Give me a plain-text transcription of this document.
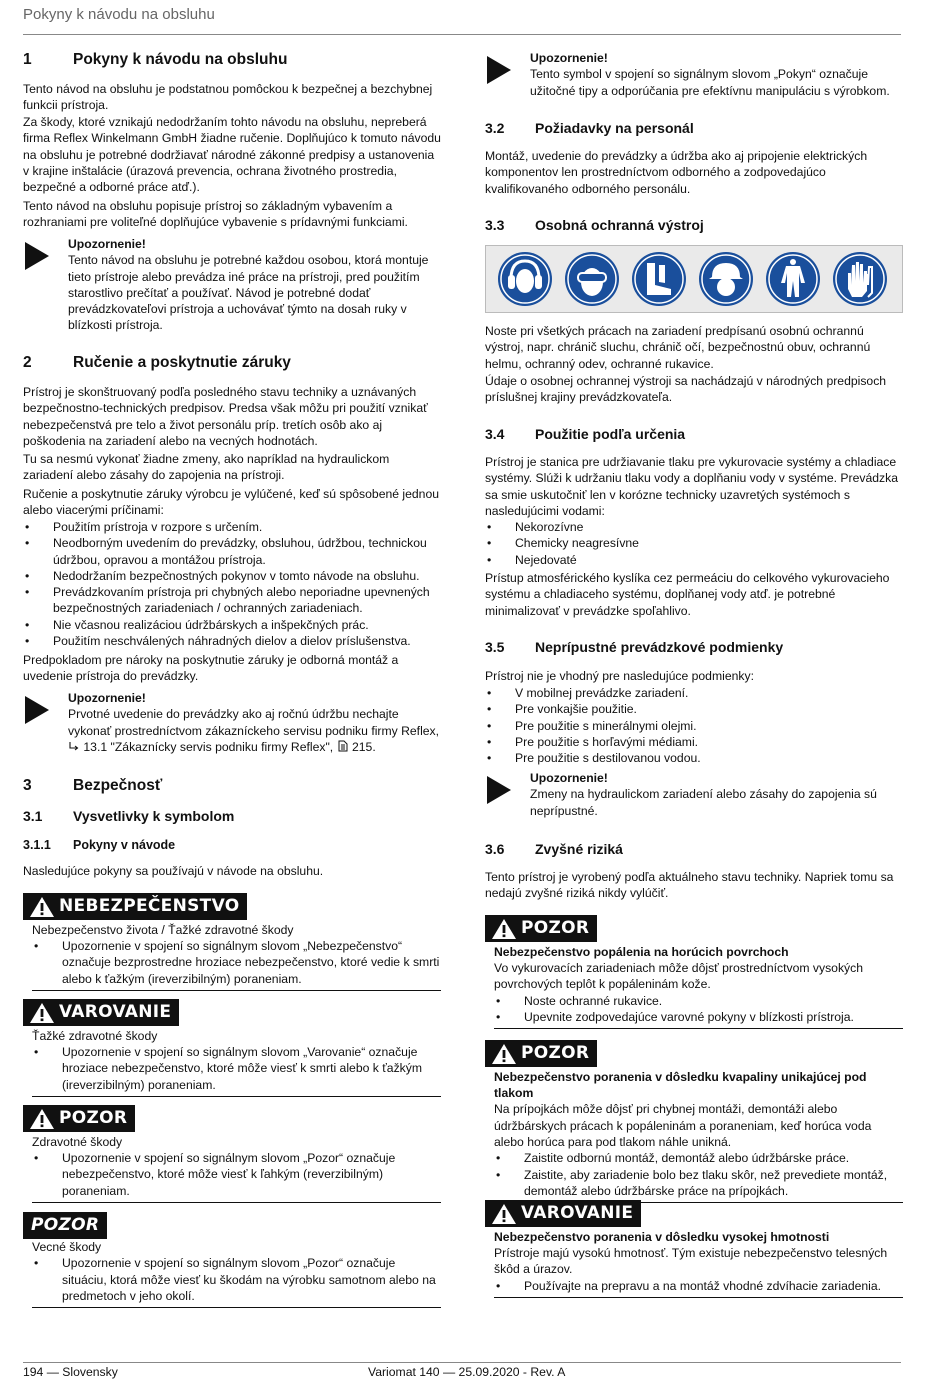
Pokyny k návodu na obsluhu
1	Pokyny k návodu na obsluhu

Tento návod na obsluhu je podstatnou pomôckou k bezpečnej a bezchybnej funkcii prístroja.

Za škody, ktoré vznikajú nedodržaním tohto návodu na obsluhu, nepreberá firma Reflex Winkelmann GmbH žiadne ručenie. Doplňujúco k tomuto návodu na obsluhu je potrebné dodržiavať národné zákonné predpisy a ustanovenia v krajine inštalácie (úrazová prevencia, ochrana životného prostredia, bezpečné a odborné práce atď.).

Tento návod na obsluhu popisuje prístroj so základným vybavením a rozhraniami pre voliteľné doplňujúce vybavenie s prídavnými funkciami.

Upozornenie!
Tento návod na obsluhu je potrebné každou osobou, ktorá montuje tieto prístroje alebo prevádza iné práce na prístroji, pred použitím starostlivo prečítať a používať. Návod je potrebné dodať prevádzkovateľovi prístroja a uchovávať týmto na dosah ruky v blízkosti prístroja.
2	Ručenie a poskytnutie záruky

Prístroj je skonštruovaný podľa posledného stavu techniky a uznávaných bezpečnostno-technických predpisov. Predsa však môžu pri použití vznikať nebezpečenstvá pre telo a život personálu príp. tretích osôb ako aj poškodenia na zariadení alebo na vecných hodnotách.

Tu sa nesmú vykonať žiadne zmeny, ako napríklad na hydraulickom zariadení alebo zásahy do zapojenia na prístroji.

Ručenie a poskytnutie záruky výrobcu je vylúčené, keď sú spôsobené jednou alebo viacerými príčinami:

• Použitím prístroja v rozpore s určením.
• Neodborným uvedením do prevádzky, obsluhou, údržbou, technickou údržbou, opravou a montážou prístroja.
• Nedodržaním bezpečnostných pokynov v tomto návode na obsluhu.
• Prevádzkovaním prístroja pri chybných alebo neporiadne upevnených bezpečnostných zariadeniach / ochranných zariadeniach.
• Nie včasnou realizáciou údržbárskych a inšpekčných prác.
• Použitím neschválených náhradných dielov a dielov príslušenstva.

Predpokladom pre nároky na poskytnutie záruky je odborná montáž a uvedenie prístroja do prevádzky.

Upozornenie!
Prvotné uvedenie do prevádzky ako aj ročnú údržbu nechajte vykonať prostredníctvom zákazníckeho servisu podniku firmy Reflex,  13.1 "Zákaznícky servis podniku firmy Reflex", 215.
3	Bezpečnosť
3.1 Vysvetlivky k symbolom
3.1.1 Pokyny v návode

Nasledujúce pokyny sa používajú v návode na obsluhu.

NEBEZPEČENSTVO
Nebezpečenstvo života / Ťažké zdravotné škody
• Upozornenie v spojení so signálnym slovom „Nebezpečenstvo“ označuje bezprostredne hroziace nebezpečenstvo, ktoré vedie k smrti alebo k ťažkým (ireverzibilným) poraneniam.
VAROVANIE
Ťažké zdravotné škody
• Upozornenie v spojení so signálnym slovom „Varovanie“ označuje hroziace nebezpečenstvo, ktoré môže viesť k smrti alebo k ťažkým (ireverzibilným) poraneniam.
POZOR
Zdravotné škody
• Upozornenie v spojení so signálnym slovom „Pozor“ označuje nebezpečenstvo, ktoré môže viesť k ľahkým (reverzibilným) poraneniam.
POZOR
Vecné škody
• Upozornenie v spojení so signálnym slovom „Pozor“ označuje situáciu, ktorá môže viesť ku škodám na výrobku samotnom alebo na predmetoch v jeho okolí.
Upozornenie!
Tento symbol v spojení so signálnym slovom „Pokyn“ označuje užitočné tipy a odporúčania pre efektívnu manipuláciu s výrobkom.
3.2 Požiadavky na personál

Montáž, uvedenie do prevádzky a údržba ako aj pripojenie elektrických komponentov len prostredníctvom odborného a zodpovedajúco kvalifikovaného odborného personálu.

3.3 Osobná ochranná výstroj

Noste pri všetkých prácach na zariadení predpísanú osobnú ochrannú výstroj, napr. chránič sluchu, chránič očí, bezpečnostnú obuv, ochrannú helmu, ochranný odev, ochranné rukavice.

Údaje o osobnej ochrannej výstroji sa nachádzajú v národných predpisoch príslušnej krajiny prevádzkovateľa.

3.4 Použitie podľa určenia

Prístroj je stanica pre udržiavanie tlaku pre vykurovacie systémy a chladiace systémy. Slúži k udržaniu tlaku vody a doplňaniu vody v systéme. Prevádzka sa smie uskutočniť len v korózne technicky uzavretých systémoch s nasledujúcimi vodami:

• Nekorozívne
• Chemicky neagresívne
• Nejedovaté

Prístup atmosférického kyslíka cez permeáciu do celkového vykurovacieho systému a chladiaceho systému, doplňanej vody atď. je potrebné minimalizovať v prevádzke spoľahlivo.

3.5 Neprípustné prevádzkové podmienky

Prístroj nie je vhodný pre nasledujúce podmienky:

• V mobilnej prevádzke zariadení.
• Pre vonkajšie použitie.
• Pre použitie s minerálnymi olejmi.
• Pre použitie s horľavými médiami.
• Pre použitie s destilovanou vodou.
Upozornenie!
Zmeny na hydraulickom zariadení alebo zásahy do zapojenia sú neprípustné.
3.6 Zvyšné riziká

Tento prístroj je vyrobený podľa aktuálneho stavu techniky. Napriek tomu sa nedajú zvyšné riziká nikdy vylúčiť.

POZOR
Nebezpečenstvo popálenia na horúcich povrchoch
Vo vykurovacích zariadeniach môže dôjsť prostredníctvom vysokých povrchových teplôt k popáleninám kože.
• Noste ochranné rukavice.
• Upevnite zodpovedajúce varovné pokyny v blízkosti prístroja.
POZOR
Nebezpečenstvo poranenia v dôsledku kvapaliny unikajúcej pod tlakom
Na prípojkách môže dôjsť pri chybnej montáži, demontáži alebo údržbárskych prácach k popáleninám a poraneniam, keď horúca voda alebo horúca para pod tlakom náhle unikná.
• Zaistite odbornú montáž, demontáž alebo údržbárske práce.
• Zaistite, aby zariadenie bolo bez tlaku skôr, než prevediete montáž, demontáž alebo údržbárske práce na prípojkách.
VAROVANIE
Nebezpečenstvo poranenia v dôsledku vysokej hmotnosti
Prístroje majú vysokú hmotnosť. Tým existuje nebezpečenstvo telesných škôd a úrazov.
• Používajte na prepravu a na montáž vhodné zdvíhacie zariadenia.
194 — Slovensky	Variomat 140 — 25.09.2020 - Rev. A
